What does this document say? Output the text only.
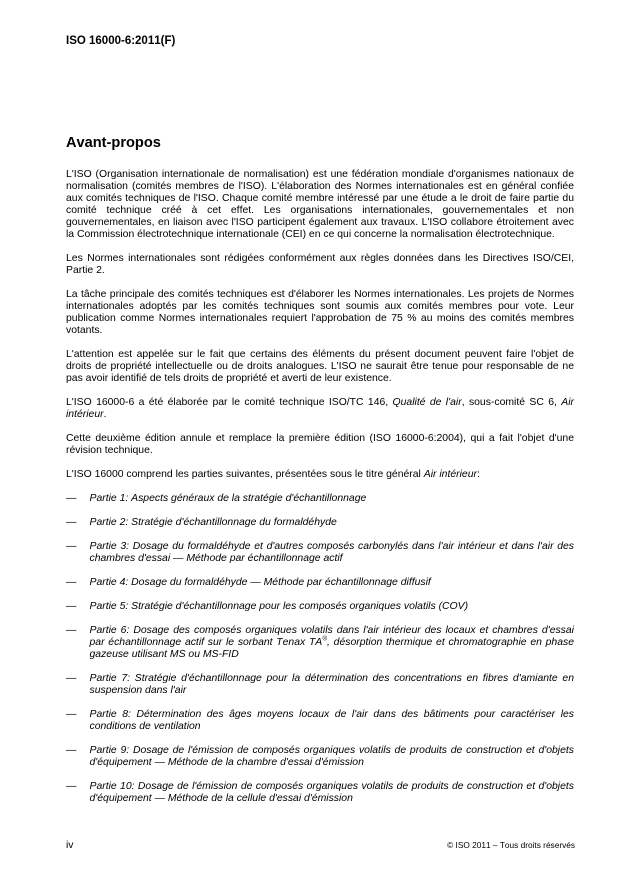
ISO 16000-6:2011(F)
Avant-propos

L'ISO (Organisation internationale de normalisation) est une fédération mondiale d'organismes nationaux de normalisation (comités membres de l'ISO). L'élaboration des Normes internationales est en général confiée aux comités techniques de l'ISO. Chaque comité membre intéressé par une étude a le droit de faire partie du comité technique créé à cet effet. Les organisations internationales, gouvernementales et non gouvernementales, en liaison avec l'ISO participent également aux travaux. L'ISO collabore étroitement avec la Commission électrotechnique internationale (CEI) en ce qui concerne la normalisation électrotechnique.

Les Normes internationales sont rédigées conformément aux règles données dans les Directives ISO/CEI, Partie 2.

La tâche principale des comités techniques est d'élaborer les Normes internationales. Les projets de Normes internationales adoptés par les comités techniques sont soumis aux comités membres pour vote. Leur publication comme Normes internationales requiert l'approbation de 75 % au moins des comités membres votants.

L'attention est appelée sur le fait que certains des éléments du présent document peuvent faire l'objet de droits de propriété intellectuelle ou de droits analogues. L'ISO ne saurait être tenue pour responsable de ne pas avoir identifié de tels droits de propriété et averti de leur existence.

L'ISO 16000-6 a été élaborée par le comité technique ISO/TC 146, Qualité de l'air, sous-comité SC 6, Air intérieur.

Cette deuxième édition annule et remplace la première édition (ISO 16000-6:2004), qui a fait l'objet d'une révision technique.

L'ISO 16000 comprend les parties suivantes, présentées sous le titre général Air intérieur:

— Partie 1: Aspects généraux de la stratégie d'échantillonnage
— Partie 2: Stratégie d'échantillonnage du formaldéhyde
— Partie 3: Dosage du formaldéhyde et d'autres composés carbonylés dans l'air intérieur et dans l'air des chambres d'essai — Méthode par échantillonnage actif
— Partie 4: Dosage du formaldéhyde — Méthode par échantillonnage diffusif
— Partie 5: Stratégie d'échantillonnage pour les composés organiques volatils (COV)
— Partie 6: Dosage des composés organiques volatils dans l'air intérieur des locaux et chambres d'essai par échantillonnage actif sur le sorbant Tenax TA®, désorption thermique et chromatographie en phase gazeuse utilisant MS ou MS-FID
— Partie 7: Stratégie d'échantillonnage pour la détermination des concentrations en fibres d'amiante en suspension dans l'air
— Partie 8: Détermination des âges moyens locaux de l'air dans des bâtiments pour caractériser les conditions de ventilation
— Partie 9: Dosage de l'émission de composés organiques volatils de produits de construction et d'objets d'équipement — Méthode de la chambre d'essai d'émission
— Partie 10: Dosage de l'émission de composés organiques volatils de produits de construction et d'objets d'équipement — Méthode de la cellule d'essai d'émission
iv	© ISO 2011 – Tous droits réservés
